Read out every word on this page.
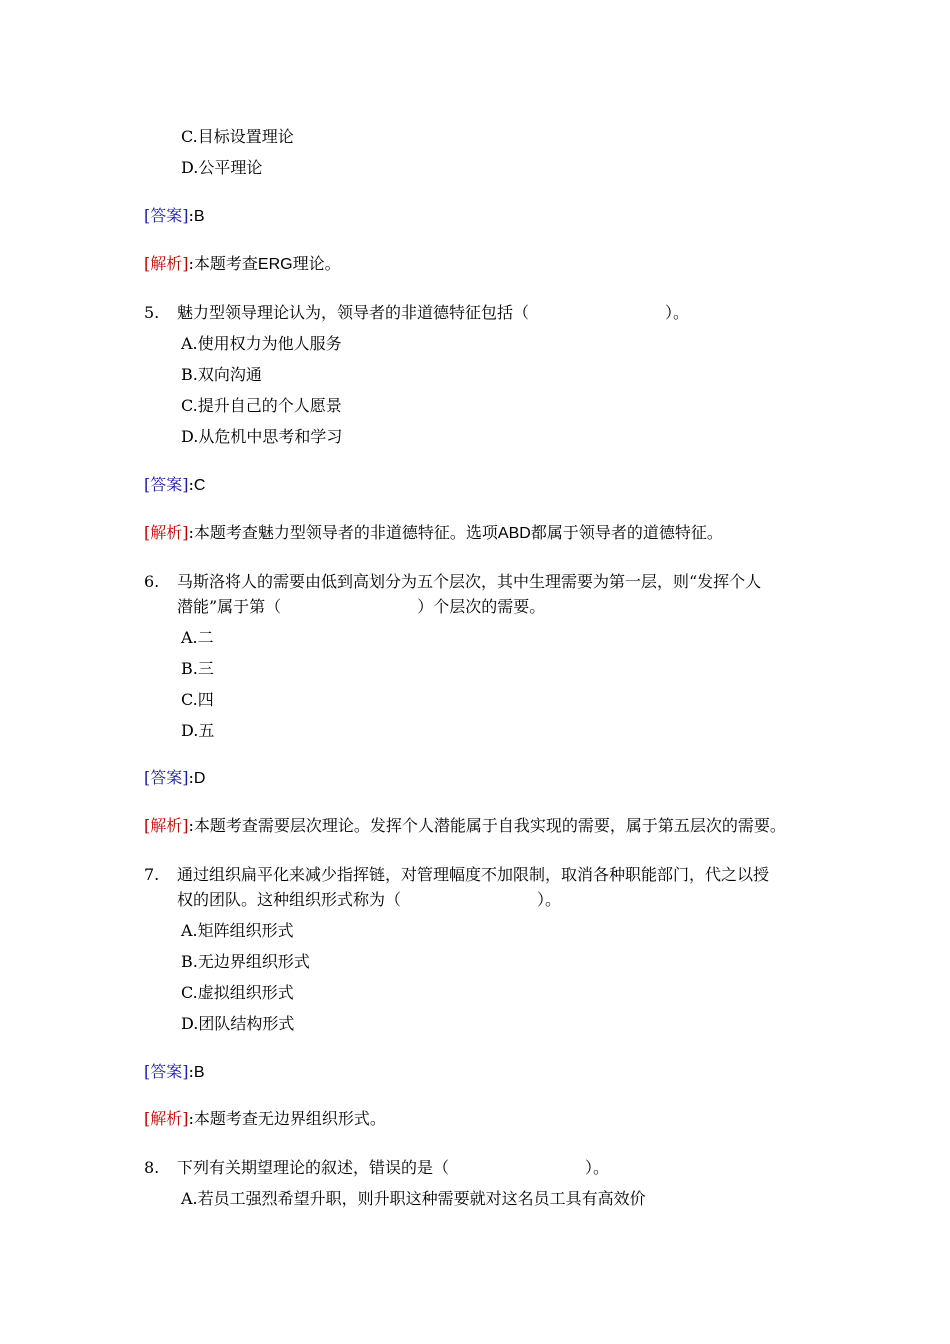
C.目标设置理论
D.公平理论
[答案]:B
[解析]:本题考查ERG理论。
5. 魅力型领导理论认为，领导者的非道德特征包括（	）。
A.使用权力为他人服务
B.双向沟通
C.提升自己的个人愿景
D.从危机中思考和学习
[答案]:C
[解析]:本题考查魅力型领导者的非道德特征。选项ABD都属于领导者的道德特征。
6. 马斯洛将人的需要由低到高划分为五个层次，其中生理需要为第一层，则“发挥个人
潜能”属于第（	）个层次的需要。
A.二
B.三
C.四
D.五
[答案]:D
[解析]:本题考查需要层次理论。发挥个人潜能属于自我实现的需要，属于第五层次的需要。
7. 通过组织扁平化来减少指挥链，对管理幅度不加限制，取消各种职能部门，代之以授
权的团队。这种组织形式称为（	）。
A.矩阵组织形式
B.无边界组织形式
C.虚拟组织形式
D.团队结构形式
[答案]:B
[解析]:本题考查无边界组织形式。
8. 下列有关期望理论的叙述，错误的是（	）。
A.若员工强烈希望升职，则升职这种需要就对这名员工具有高效价
